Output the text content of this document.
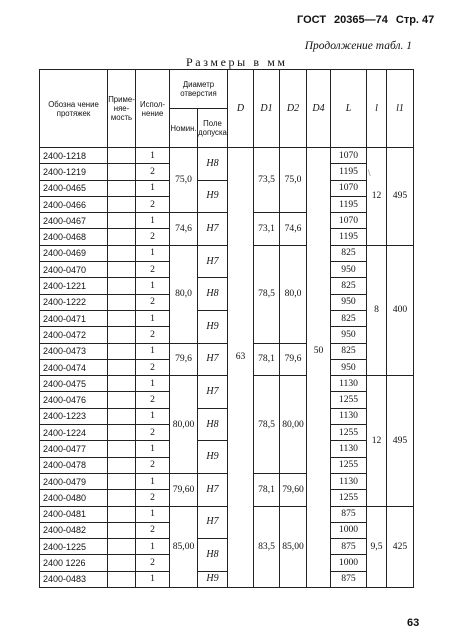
ГОСТ 20365—74 Стр. 47
Продолжение табл. 1
Размеры в мм
Обозна чение протяжек	Приме-няе-мость	Испол-нение	Диаметр отверстия		D	D1	D2	D4	L	l	l1
			Номин.	Поле допуска							
2400-1218		1	75,0	H8	63	73,5	75,0	50	1070	12	495
2400-1219		2							1195		
2400-0465		1		H9					1070		
2400-0466		2							1195		
2400-0467		1	74,6	H7		73,1	74,6		1070		
2400-0468		2							1195		
2400-0469		1	80,0	H7		78,5	80,0		825	8	400
2400-0470		2							950		
2400-1221		1		H8					825		
2400-1222		2							950		
2400-0471		1		H9					825		
2400-0472		2							950		
2400-0473		1	79,6	H7		78,1	79,6		825		
2400-0474		2							950		
2400-0475		1	80,00	H7		78,5	80,00		1130	12	495
2400-0476		2							1255		
2400-1223		1		H8					1130		
2400-1224		2							1255		
2400-0477		1		H9					1130		
2400-0478		2							1255		
2400-0479		1	79,60	H7		78,1	79,60		1130		
2400-0480		2							1255		
2400-0481		1	85,00	H7		83,5	85,00		875	9,5	425
2400-0482		2							1000		
2400-1225		1		H8					875		
2400 1226		2							1000		
2400-0483		1		H9					875		
\
63
